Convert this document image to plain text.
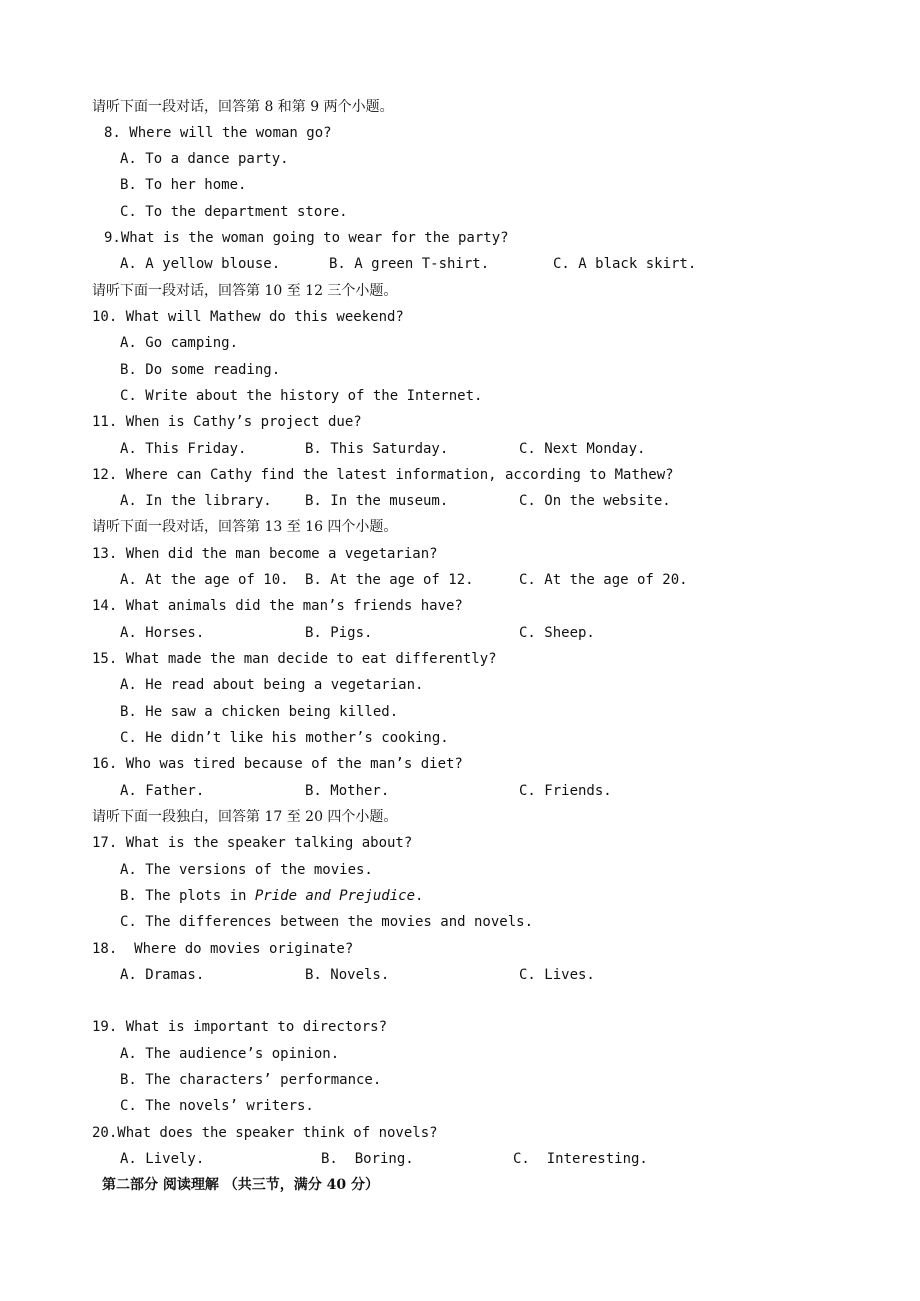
请听下面一段对话，回答第 8 和第 9 两个小题。
8. Where will the woman go?
A. To a dance party.
B. To her home.
C. To the department store.
9.What is the woman going to wear for the party?

A. A yellow blouse.

	B. A green T-shirt.

	C. A black skirt.

请听下面一段对话，回答第 10 至 12 三个小题。
10. What will Mathew do this weekend?
A. Go camping.
B. Do some reading.
C. Write about the history of the Internet.
11. When is Cathy’s project due?

A. This Friday.

	B. This Saturday.

	C. Next Monday.

12. Where can Cathy find the latest information, according to Mathew?

A. In the library.

B. In the museum.

	C. On the website.

请听下面一段对话，回答第 13 至 16 四个小题。
13. When did the man become a vegetarian?

A. At the age of 10.

B. At the age of 12.

	C. At the age of 20.

14. What animals did the man’s friends have?

A. Horses.

	B. Pigs.

	C. Sheep.

15. What made the man decide to eat differently?
A. He read about being a vegetarian.
B. He saw a chicken being killed.
C. He didn’t like his mother’s cooking.
16. Who was tired because of the man’s diet?

A. Father.

	B. Mother.

	C. Friends.

请听下面一段独白，回答第 17 至 20 四个小题。
17. What is the speaker talking about?
A. The versions of the movies.
B. The plots in Pride and Prejudice.
C. The differences between the movies and novels.
18.  Where do movies originate?

A. Dramas.

	B. Novels.

	C. Lives.

19. What is important to directors?
A. The audience’s opinion.
B. The characters’ performance.
C. The novels’ writers.
20.What does the speaker think of novels?

A. Lively.

	B.  Boring.

	C.  Interesting.

第二部分 阅读理解 （共三节，满分 40 分）
